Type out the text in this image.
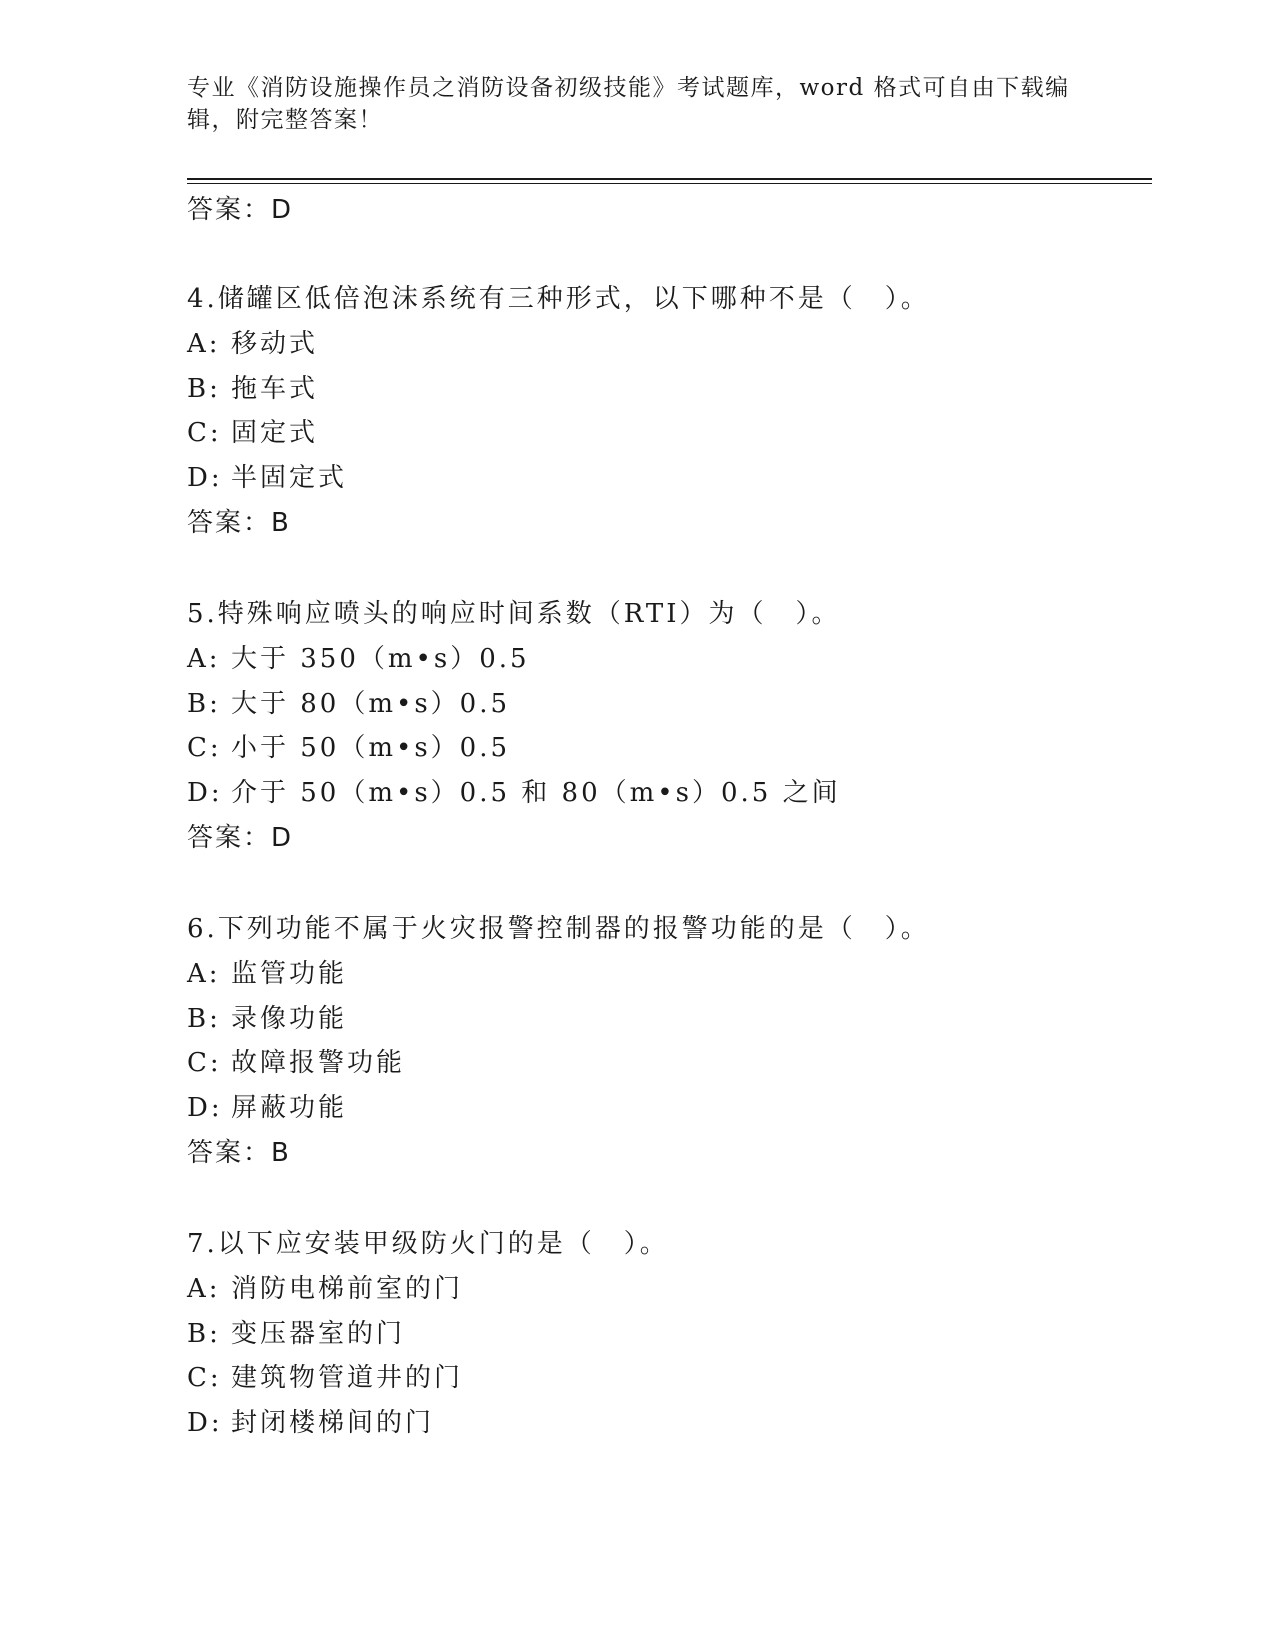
专业《消防设施操作员之消防设备初级技能》考试题库，word 格式可自由下载编
辑，附完整答案！
答案：D
4.储罐区低倍泡沫系统有三种形式，以下哪种不是（　）。
A: 移动式
B: 拖车式
C: 固定式
D: 半固定式
答案：B
5.特殊响应喷头的响应时间系数（RTI）为（　）。
A: 大于 350（m•s）0.5
B: 大于 80（m•s）0.5
C: 小于 50（m•s）0.5
D: 介于 50（m•s）0.5 和 80（m•s）0.5 之间
答案：D
6.下列功能不属于火灾报警控制器的报警功能的是（　）。
A: 监管功能
B: 录像功能
C: 故障报警功能
D: 屏蔽功能
答案：B
7.以下应安装甲级防火门的是（　）。
A: 消防电梯前室的门
B: 变压器室的门
C: 建筑物管道井的门
D: 封闭楼梯间的门
